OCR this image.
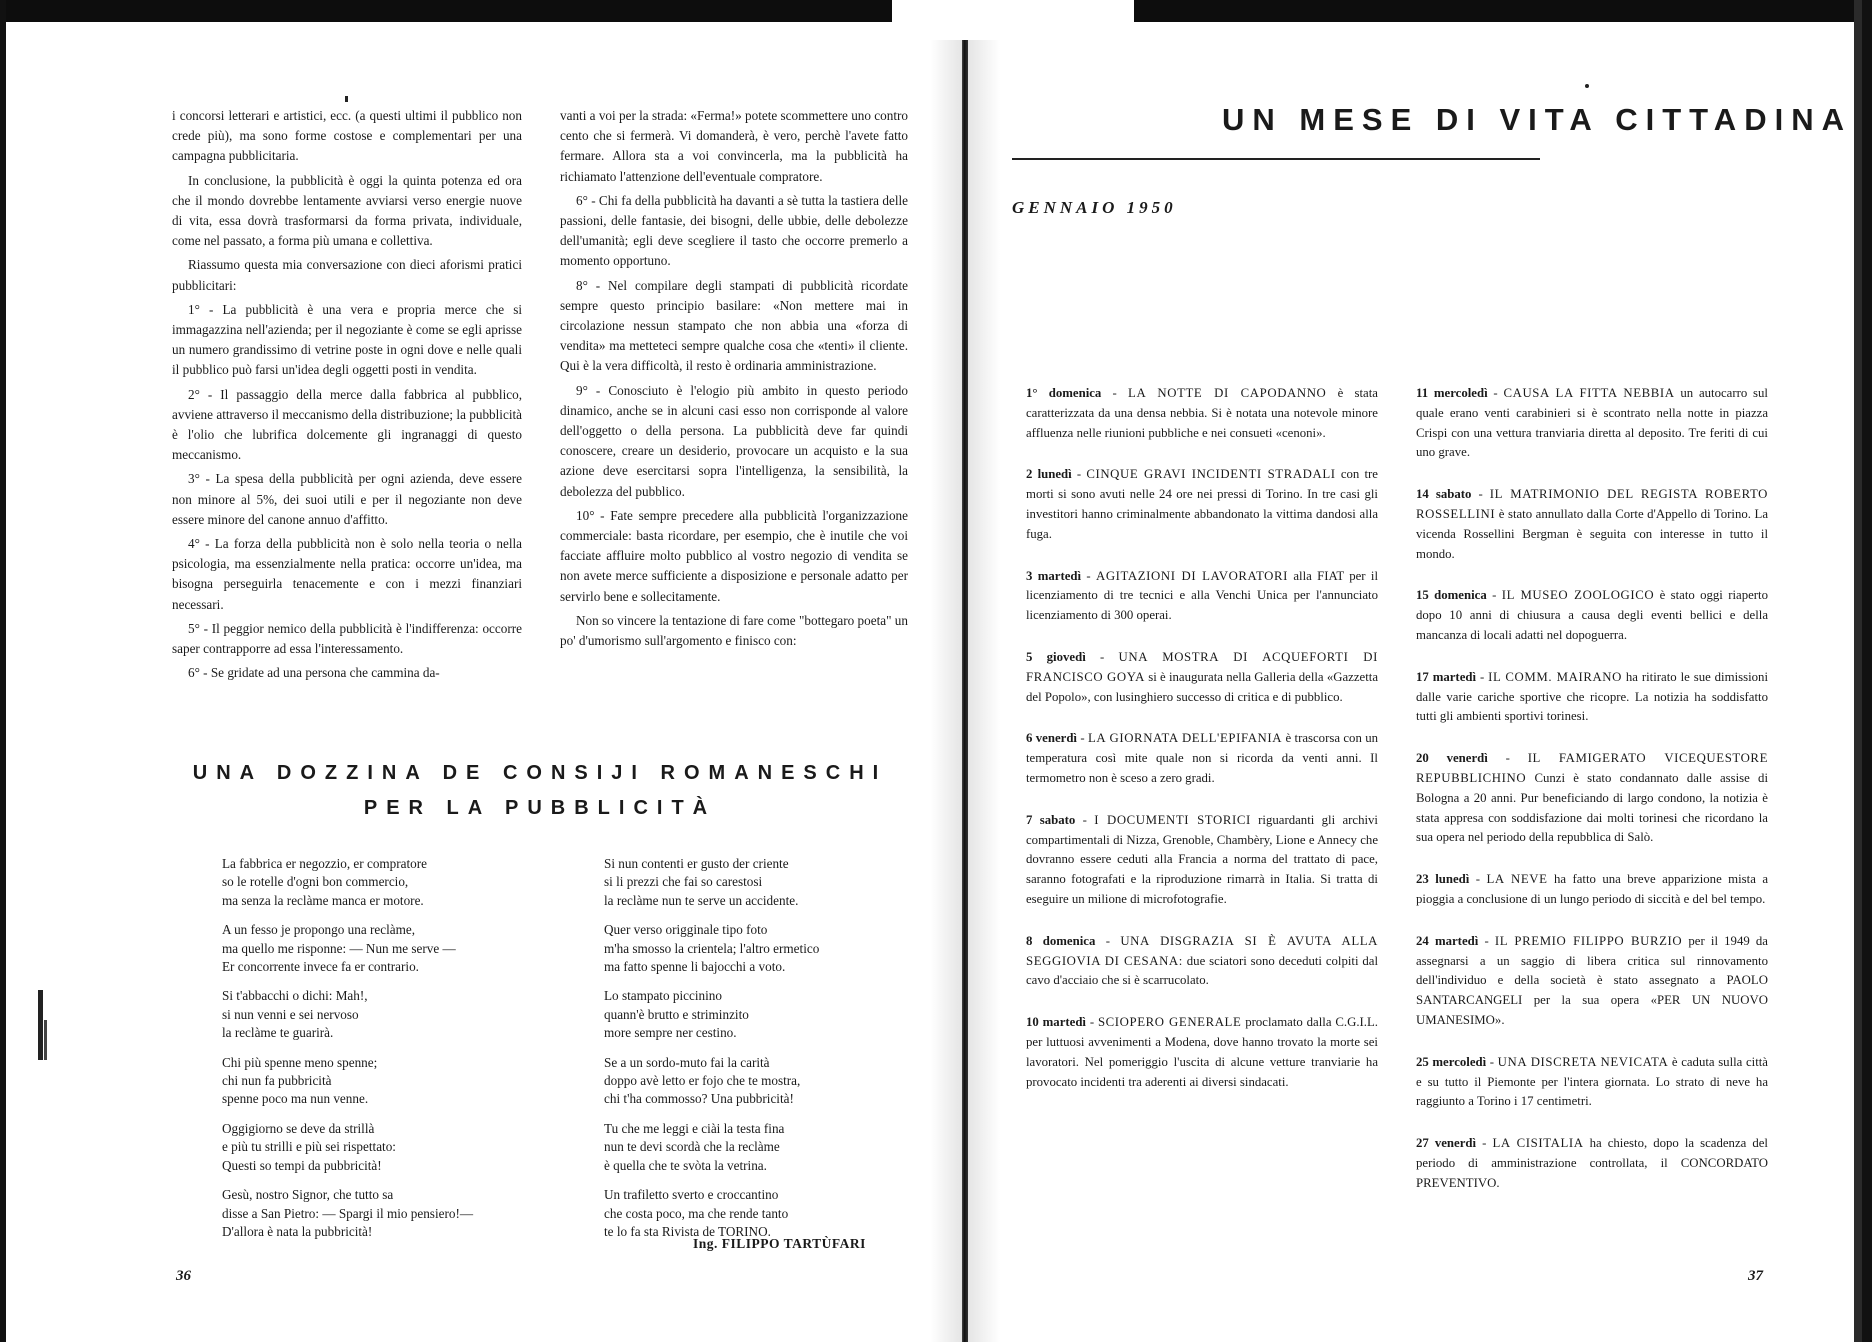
i concorsi letterari e artistici, ecc. (a questi ultimi il pubblico non crede più), ma sono forme costose e complementari per una campagna pubblicitaria.

In conclusione, la pubblicità è oggi la quinta potenza ed ora che il mondo dovrebbe lentamente avviarsi verso energie nuove di vita, essa dovrà trasformarsi da forma privata, individuale, come nel passato, a forma più umana e collettiva.

Riassumo questa mia conversazione con dieci aforismi pratici pubblicitari:

1° - La pubblicità è una vera e propria merce che si immagazzina nell'azienda; per il negoziante è come se egli aprisse un numero grandissimo di vetrine poste in ogni dove e nelle quali il pubblico può farsi un'idea degli oggetti posti in vendita.

2° - Il passaggio della merce dalla fabbrica al pubblico, avviene attraverso il meccanismo della distribuzione; la pubblicità è l'olio che lubrifica dolcemente gli ingranaggi di questo meccanismo.

3° - La spesa della pubblicità per ogni azienda, deve essere non minore al 5%, dei suoi utili e per il negoziante non deve essere minore del canone annuo d'affitto.

4° - La forza della pubblicità non è solo nella teoria o nella psicologia, ma essenzialmente nella pratica: occorre un'idea, ma bisogna perseguirla tenacemente e con i mezzi finanziari necessari.

5° - Il peggior nemico della pubblicità è l'indifferenza: occorre saper contrapporre ad essa l'interessamento.

6° - Se gridate ad una persona che cammina da-

vanti a voi per la strada: «Ferma!» potete scommettere uno contro cento che si fermerà. Vi domanderà, è vero, perchè l'avete fatto fermare. Allora sta a voi convincerla, ma la pubblicità ha richiamato l'attenzione dell'eventuale compratore.

6° - Chi fa della pubblicità ha davanti a sè tutta la tastiera delle passioni, delle fantasie, dei bisogni, delle ubbie, delle debolezze dell'umanità; egli deve scegliere il tasto che occorre premerlo a momento opportuno.

8° - Nel compilare degli stampati di pubblicità ricordate sempre questo principio basilare: «Non mettere mai in circolazione nessun stampato che non abbia una «forza di vendita» ma metteteci sempre qualche cosa che «tenti» il cliente. Qui è la vera difficoltà, il resto è ordinaria amministrazione.

9° - Conosciuto è l'elogio più ambito in questo periodo dinamico, anche se in alcuni casi esso non corrisponde al valore dell'oggetto o della persona. La pubblicità deve far quindi conoscere, creare un desiderio, provocare un acquisto e la sua azione deve esercitarsi sopra l'intelligenza, la sensibilità, la debolezza del pubblico.

10° - Fate sempre precedere alla pubblicità l'organizzazione commerciale: basta ricordare, per esempio, che è inutile che voi facciate affluire molto pubblico al vostro negozio di vendita se non avete merce sufficiente a disposizione e personale adatto per servirlo bene e sollecitamente.

Non so vincere la tentazione di fare come "bottegaro poeta" un po' d'umorismo sull'argomento e finisco con:

UNA DOZZINA DE CONSIJI ROMANESCHI
PER LA PUBBLICITÀ
La fabbrica er negozzio, er compratore
so le rotelle d'ogni bon commercio,
ma senza la reclàme manca er motore.
A un fesso je propongo una reclàme,
ma quello me risponne: — Nun me serve —
Er concorrente invece fa er contrario.
Si t'abbacchi o dichi: Mah!,
si nun venni e sei nervoso
la reclàme te guarirà.
Chi più spenne meno spenne;
chi nun fa pubbricità
spenne poco ma nun venne.
Oggigiorno se deve da strillà
e più tu strilli e più sei rispettato:
Questi so tempi da pubbricità!
Gesù, nostro Signor, che tutto sa
disse a San Pietro: — Spargi il mio pensiero!—
D'allora è nata la pubbricità!
Si nun contenti er gusto der criente
si li prezzi che fai so carestosi
la reclàme nun te serve un accidente.
Quer verso origginale tipo foto
m'ha smosso la crientela; l'altro ermetico
ma fatto spenne li bajocchi a voto.
Lo stampato piccinino
quann'è brutto e striminzito
more sempre ner cestino.
Se a un sordo-muto fai la carità
doppo avè letto er fojo che te mostra,
chi t'ha commosso? Una pubbricità!
Tu che me leggi e ciài la testa fina
nun te devi scordà che la reclàme
è quella che te svòta la vetrina.
Un trafiletto sverto e croccantino
che costa poco, ma che rende tanto
te lo fa sta Rivista de TORINO.
Ing. FILIPPO TARTÙFARI
36
UN MESE DI VITA CITTADINA
GENNAIO 1950
1° domenica - LA NOTTE DI CAPODANNO è stata caratterizzata da una densa nebbia. Si è notata una notevole minore affluenza nelle riunioni pubbliche e nei consueti «cenoni».
2 lunedì - CINQUE GRAVI INCIDENTI STRADALI con tre morti si sono avuti nelle 24 ore nei pressi di Torino. In tre casi gli investitori hanno criminalmente abbandonato la vittima dandosi alla fuga.
3 martedì - AGITAZIONI DI LAVORATORI alla FIAT per il licenziamento di tre tecnici e alla Venchi Unica per l'annunciato licenziamento di 300 operai.
5 giovedì - UNA MOSTRA DI ACQUEFORTI DI FRANCISCO GOYA si è inaugurata nella Galleria della «Gazzetta del Popolo», con lusinghiero successo di critica e di pubblico.
6 venerdì - LA GIORNATA DELL'EPIFANIA è trascorsa con un temperatura così mite quale non si ricorda da venti anni. Il termometro non è sceso a zero gradi.
7 sabato - I DOCUMENTI STORICI riguardanti gli archivi compartimentali di Nizza, Grenoble, Chambèry, Lione e Annecy che dovranno essere ceduti alla Francia a norma del trattato di pace, saranno fotografati e la riproduzione rimarrà in Italia. Si tratta di eseguire un milione di microfotografie.
8 domenica - UNA DISGRAZIA SI È AVUTA ALLA SEGGIOVIA DI CESANA: due sciatori sono deceduti colpiti dal cavo d'acciaio che si è scarrucolato.
10 martedì - SCIOPERO GENERALE proclamato dalla C.G.I.L. per luttuosi avvenimenti a Modena, dove hanno trovato la morte sei lavoratori. Nel pomeriggio l'uscita di alcune vetture tranviarie ha provocato incidenti tra aderenti ai diversi sindacati.
11 mercoledì - CAUSA LA FITTA NEBBIA un autocarro sul quale erano venti carabinieri si è scontrato nella notte in piazza Crispi con una vettura tranviaria diretta al deposito. Tre feriti di cui uno grave.
14 sabato - IL MATRIMONIO DEL REGISTA ROBERTO ROSSELLINI è stato annullato dalla Corte d'Appello di Torino. La vicenda Rossellini Bergman è seguita con interesse in tutto il mondo.
15 domenica - IL MUSEO ZOOLOGICO è stato oggi riaperto dopo 10 anni di chiusura a causa degli eventi bellici e della mancanza di locali adatti nel dopoguerra.
17 martedì - IL COMM. MAIRANO ha ritirato le sue dimissioni dalle varie cariche sportive che ricopre. La notizia ha soddisfatto tutti gli ambienti sportivi torinesi.
20 venerdì - IL FAMIGERATO VICEQUESTORE REPUBBLICHINO Cunzi è stato condannato dalle assise di Bologna a 20 anni. Pur beneficiando di largo condono, la notizia è stata appresa con soddisfazione dai molti torinesi che ricordano la sua opera nel periodo della repubblica di Salò.
23 lunedì - LA NEVE ha fatto una breve apparizione mista a pioggia a conclusione di un lungo periodo di siccità e del bel tempo.
24 martedì - IL PREMIO FILIPPO BURZIO per il 1949 da assegnarsi a un saggio di libera critica sul rinnovamento dell'individuo e della società è stato assegnato a PAOLO SANTARCANGELI per la sua opera «PER UN NUOVO UMANESIMO».
25 mercoledì - UNA DISCRETA NEVICATA è caduta sulla città e su tutto il Piemonte per l'intera giornata. Lo strato di neve ha raggiunto a Torino i 17 centimetri.
27 venerdì - LA CISITALIA ha chiesto, dopo la scadenza del periodo di amministrazione controllata, il CONCORDATO PREVENTIVO.
37
